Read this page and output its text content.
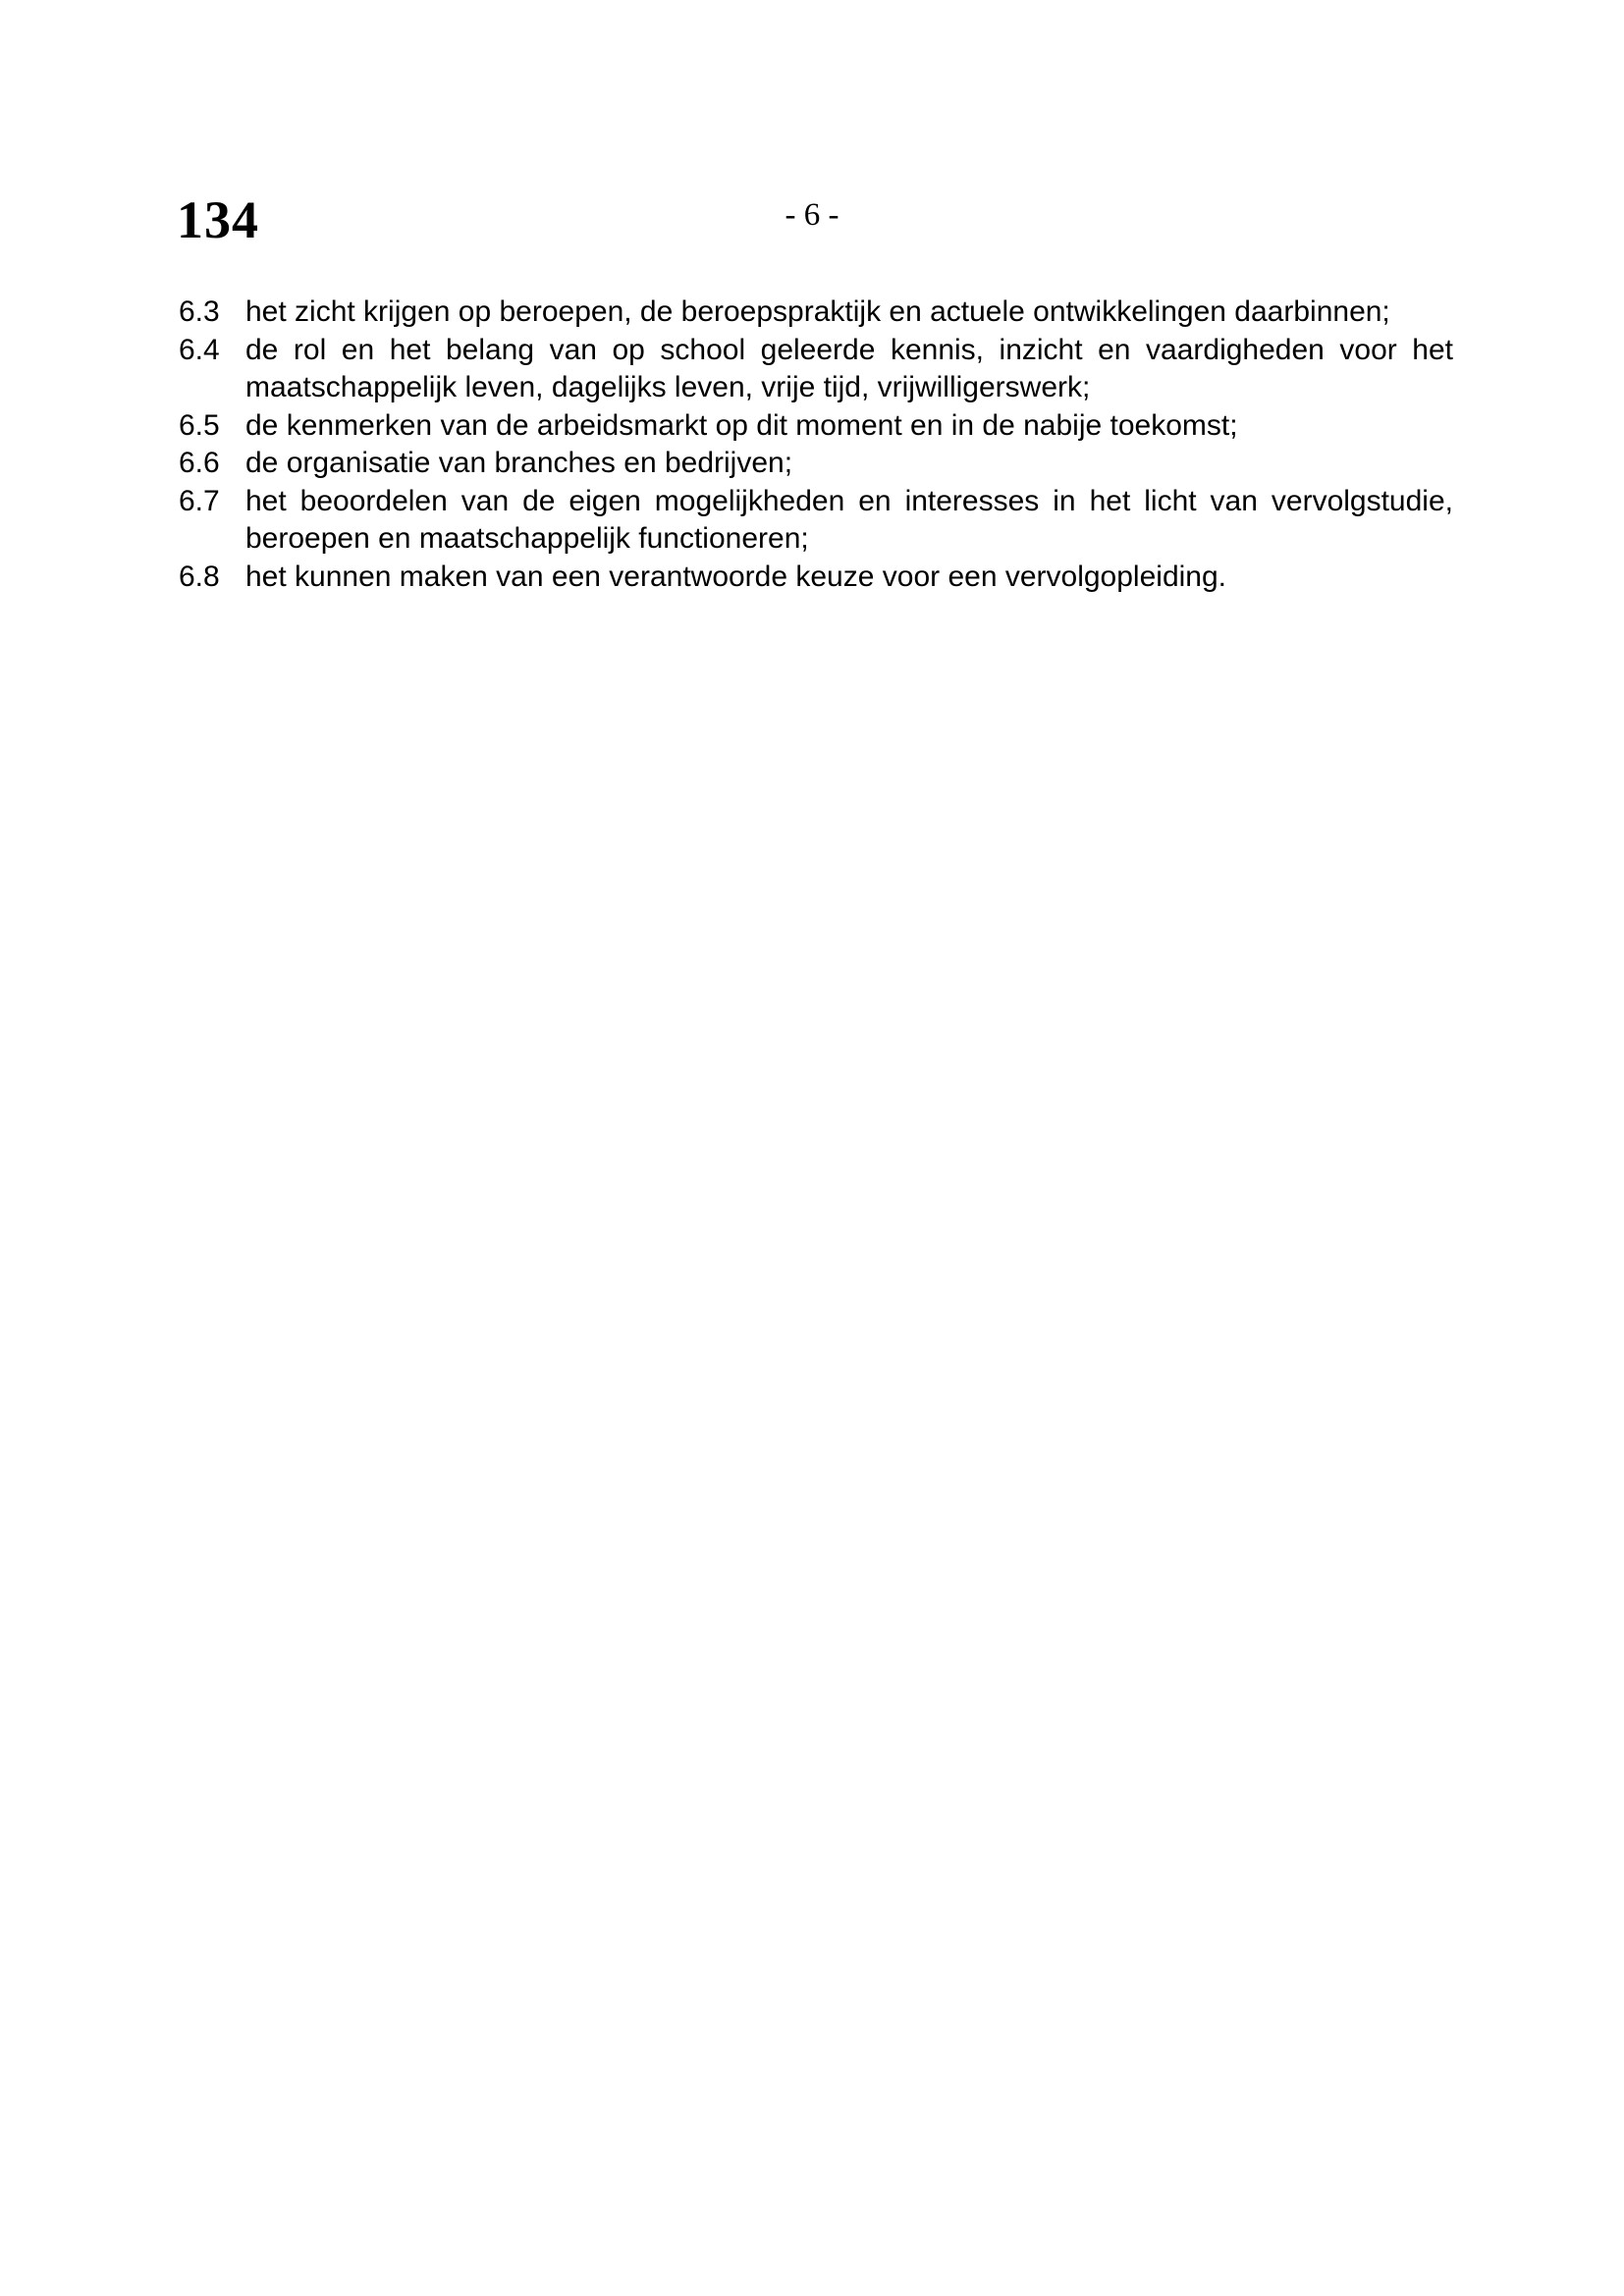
134	- 6 -
6.3 het zicht krijgen op beroepen, de beroepspraktijk en actuele ontwikkelingen daarbinnen;
6.4 de rol en het belang van op school geleerde kennis, inzicht en vaardigheden voor het
maatschappelijk leven, dagelijks leven, vrije tijd, vrijwilligerswerk;
6.5 de kenmerken van de arbeidsmarkt op dit moment en in de nabije toekomst;
6.6 de organisatie van branches en bedrijven;
6.7 het beoordelen van de eigen mogelijkheden en interesses in het licht van vervolgstudie,
beroepen en maatschappelijk functioneren;
6.8 het kunnen maken van een verantwoorde keuze voor een vervolgopleiding.
